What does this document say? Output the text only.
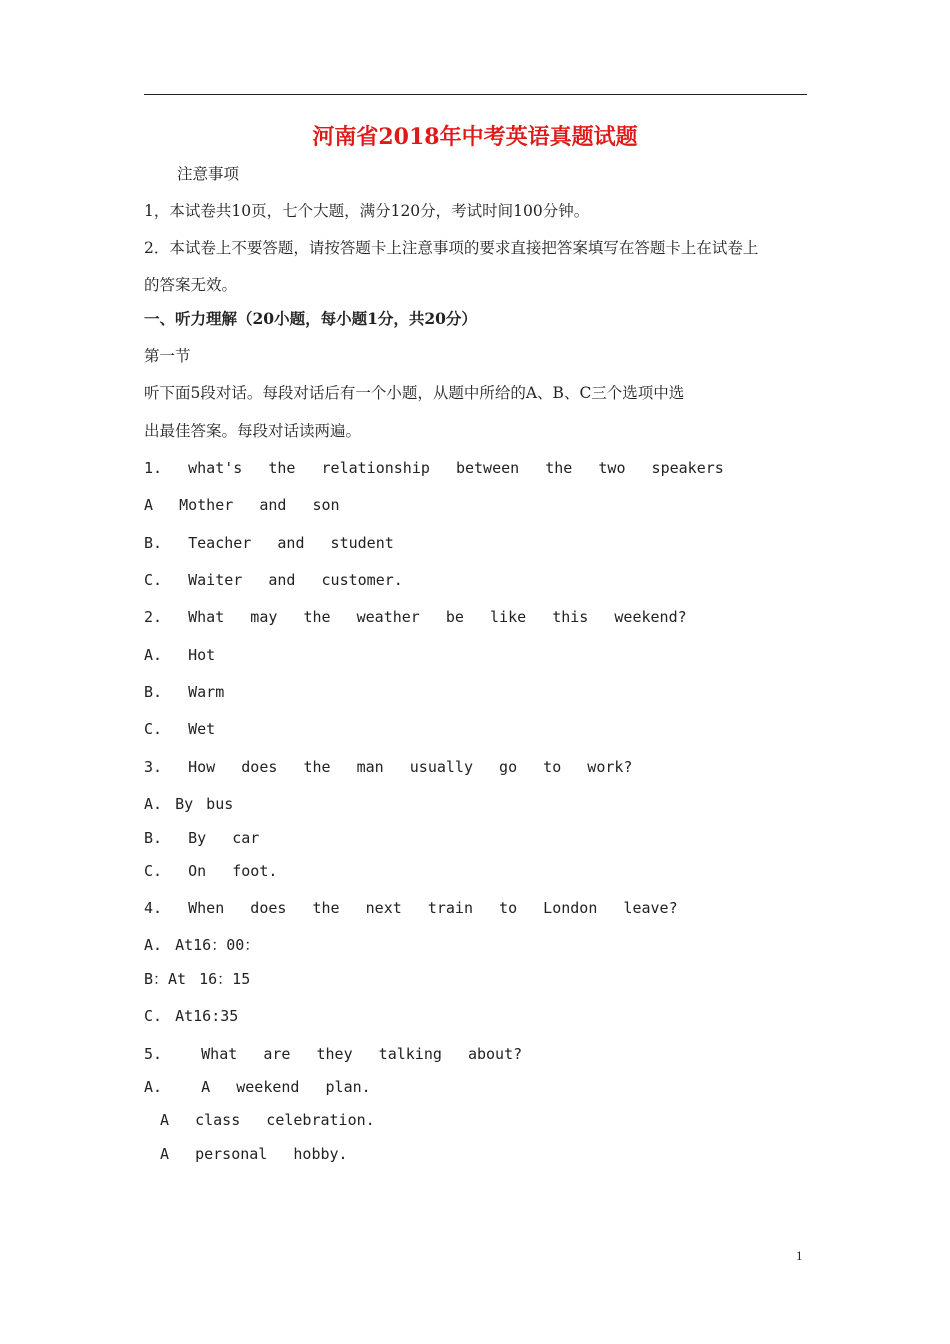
河南省2018年中考英语真题试题
注意事项
1，本试卷共10页，七个大题，满分120分，考试时间100分钟。
2．本试卷上不要答题，请按答题卡上注意事项的要求直接把答案填写在答题卡上在试卷上
的答案无效。
一、听力理解（20小题，每小题1分，共20分）
第一节
听下面5段对话。每段对话后有一个小题，从题中所给的A、B、C三个选项中选
出最佳答案。每段对话读两遍。
1.  what's  the  relationship  between  the  two  speakers
A  Mother  and  son
B.  Teacher  and  student
C.  Waiter  and  customer.
2.  What  may  the  weather  be  like  this  weekend?
A.  Hot
B.  Warm
C.  Wet
3.  How  does  the  man  usually  go  to  work?
A. By bus
B.  By  car
C.  On  foot.
4.  When  does  the  next  train  to  London  leave?
A. At16：00：
B：At 16：15
C. At16:35
5.   What  are  they  talking  about?
A.   A  weekend  plan.
A  class  celebration.
A  personal  hobby.
1
